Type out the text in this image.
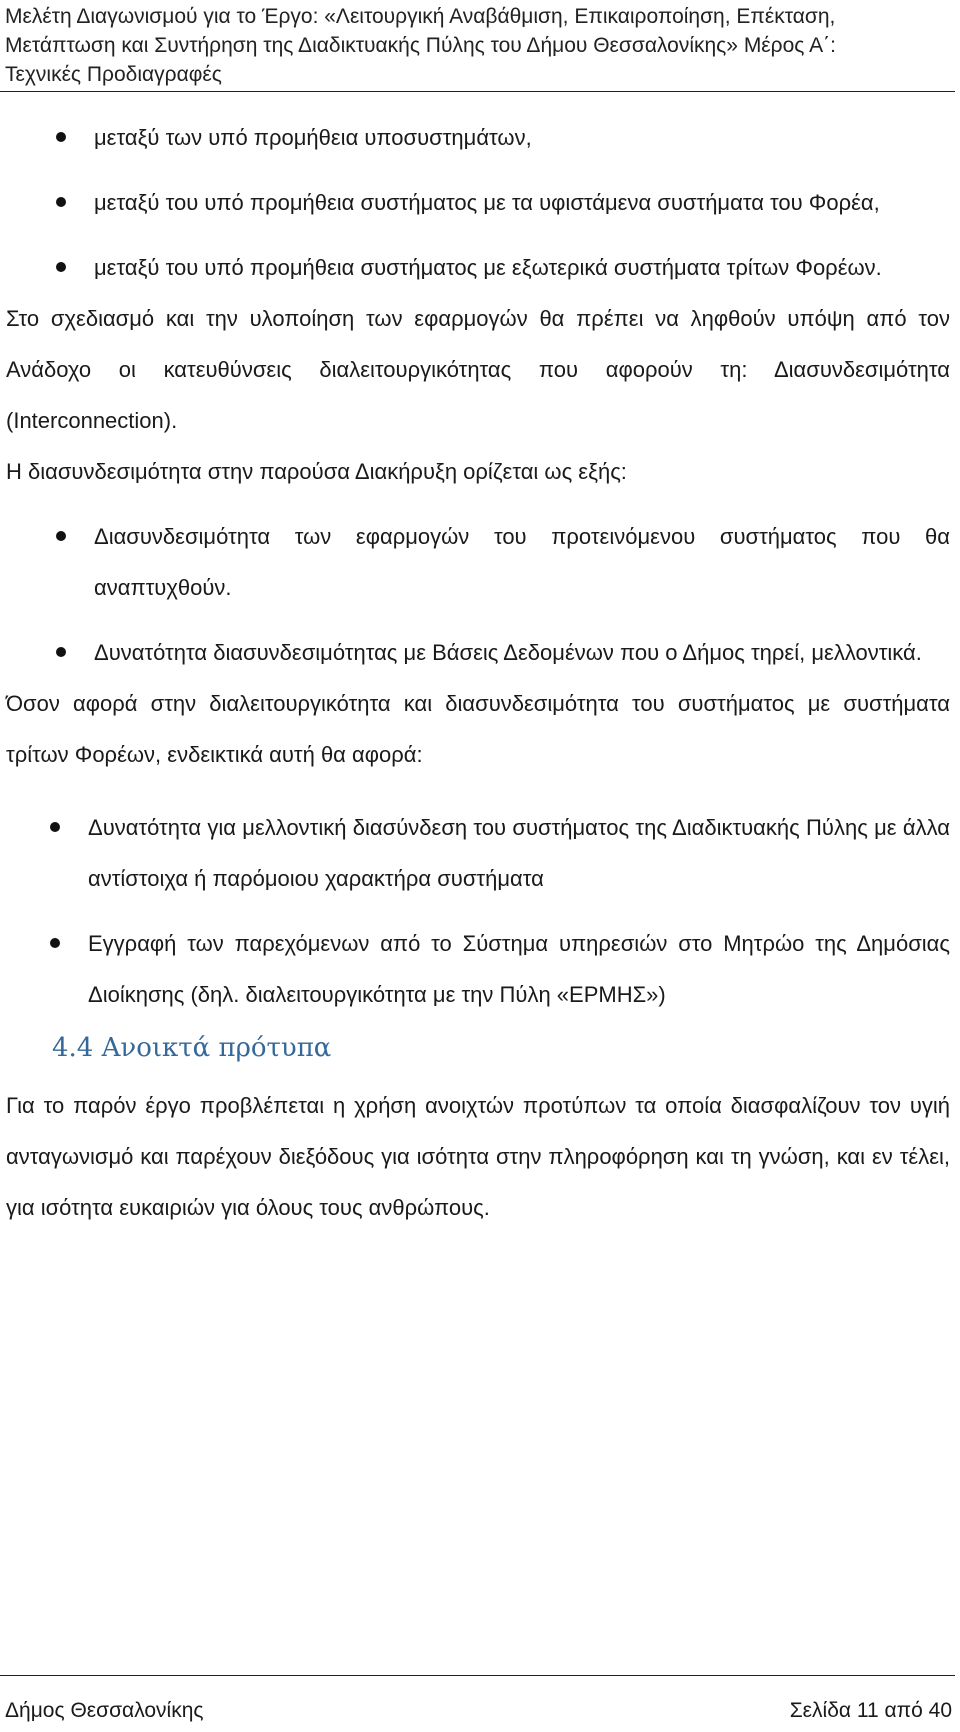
Μελέτη Διαγωνισμού για το Έργο: «Λειτουργική Αναβάθμιση, Επικαιροποίηση, Επέκταση,
Μετάπτωση και Συντήρηση της Διαδικτυακής Πύλης του Δήμου Θεσσαλονίκης» Μέρος Α΄:
Τεχνικές Προδιαγραφές
μεταξύ των υπό προμήθεια υποσυστημάτων,
μεταξύ του υπό προμήθεια συστήματος με τα υφιστάμενα συστήματα του Φορέα,
μεταξύ του υπό προμήθεια συστήματος με εξωτερικά συστήματα τρίτων Φορέων.

Στο σχεδιασμό και την υλοποίηση των εφαρμογών θα πρέπει να ληφθούν υπόψη από τον Ανάδοχο οι κατευθύνσεις διαλειτουργικότητας που αφορούν τη: Διασυνδεσιμότητα (Interconnection).

Η διασυνδεσιμότητα στην παρούσα Διακήρυξη ορίζεται ως εξής:

Διασυνδεσιμότητα των εφαρμογών του προτεινόμενου συστήματος που θα αναπτυχθούν.
Δυνατότητα διασυνδεσιμότητας με Βάσεις Δεδομένων που ο Δήμος τηρεί, μελλοντικά.

Όσον αφορά στην διαλειτουργικότητα και διασυνδεσιμότητα του συστήματος με συστήματα τρίτων Φορέων, ενδεικτικά αυτή θα αφορά:

Δυνατότητα για μελλοντική διασύνδεση του συστήματος της Διαδικτυακής Πύλης με άλλα αντίστοιχα ή παρόμοιου χαρακτήρα συστήματα
Εγγραφή των παρεχόμενων από το Σύστημα υπηρεσιών στο Μητρώο της Δημόσιας Διοίκησης (δηλ. διαλειτουργικότητα με την Πύλη «ΕΡΜΗΣ»)
4.4 Ανοικτά πρότυπα

Για το παρόν έργο προβλέπεται η χρήση ανοιχτών προτύπων τα οποία διασφαλίζουν τον υγιή ανταγωνισμό και παρέχουν διεξόδους για ισότητα στην πληροφόρηση και τη γνώση, και εν τέλει, για ισότητα ευκαιριών για όλους τους ανθρώπους.

Δήμος Θεσσαλονίκης	Σελίδα 11 από 40
